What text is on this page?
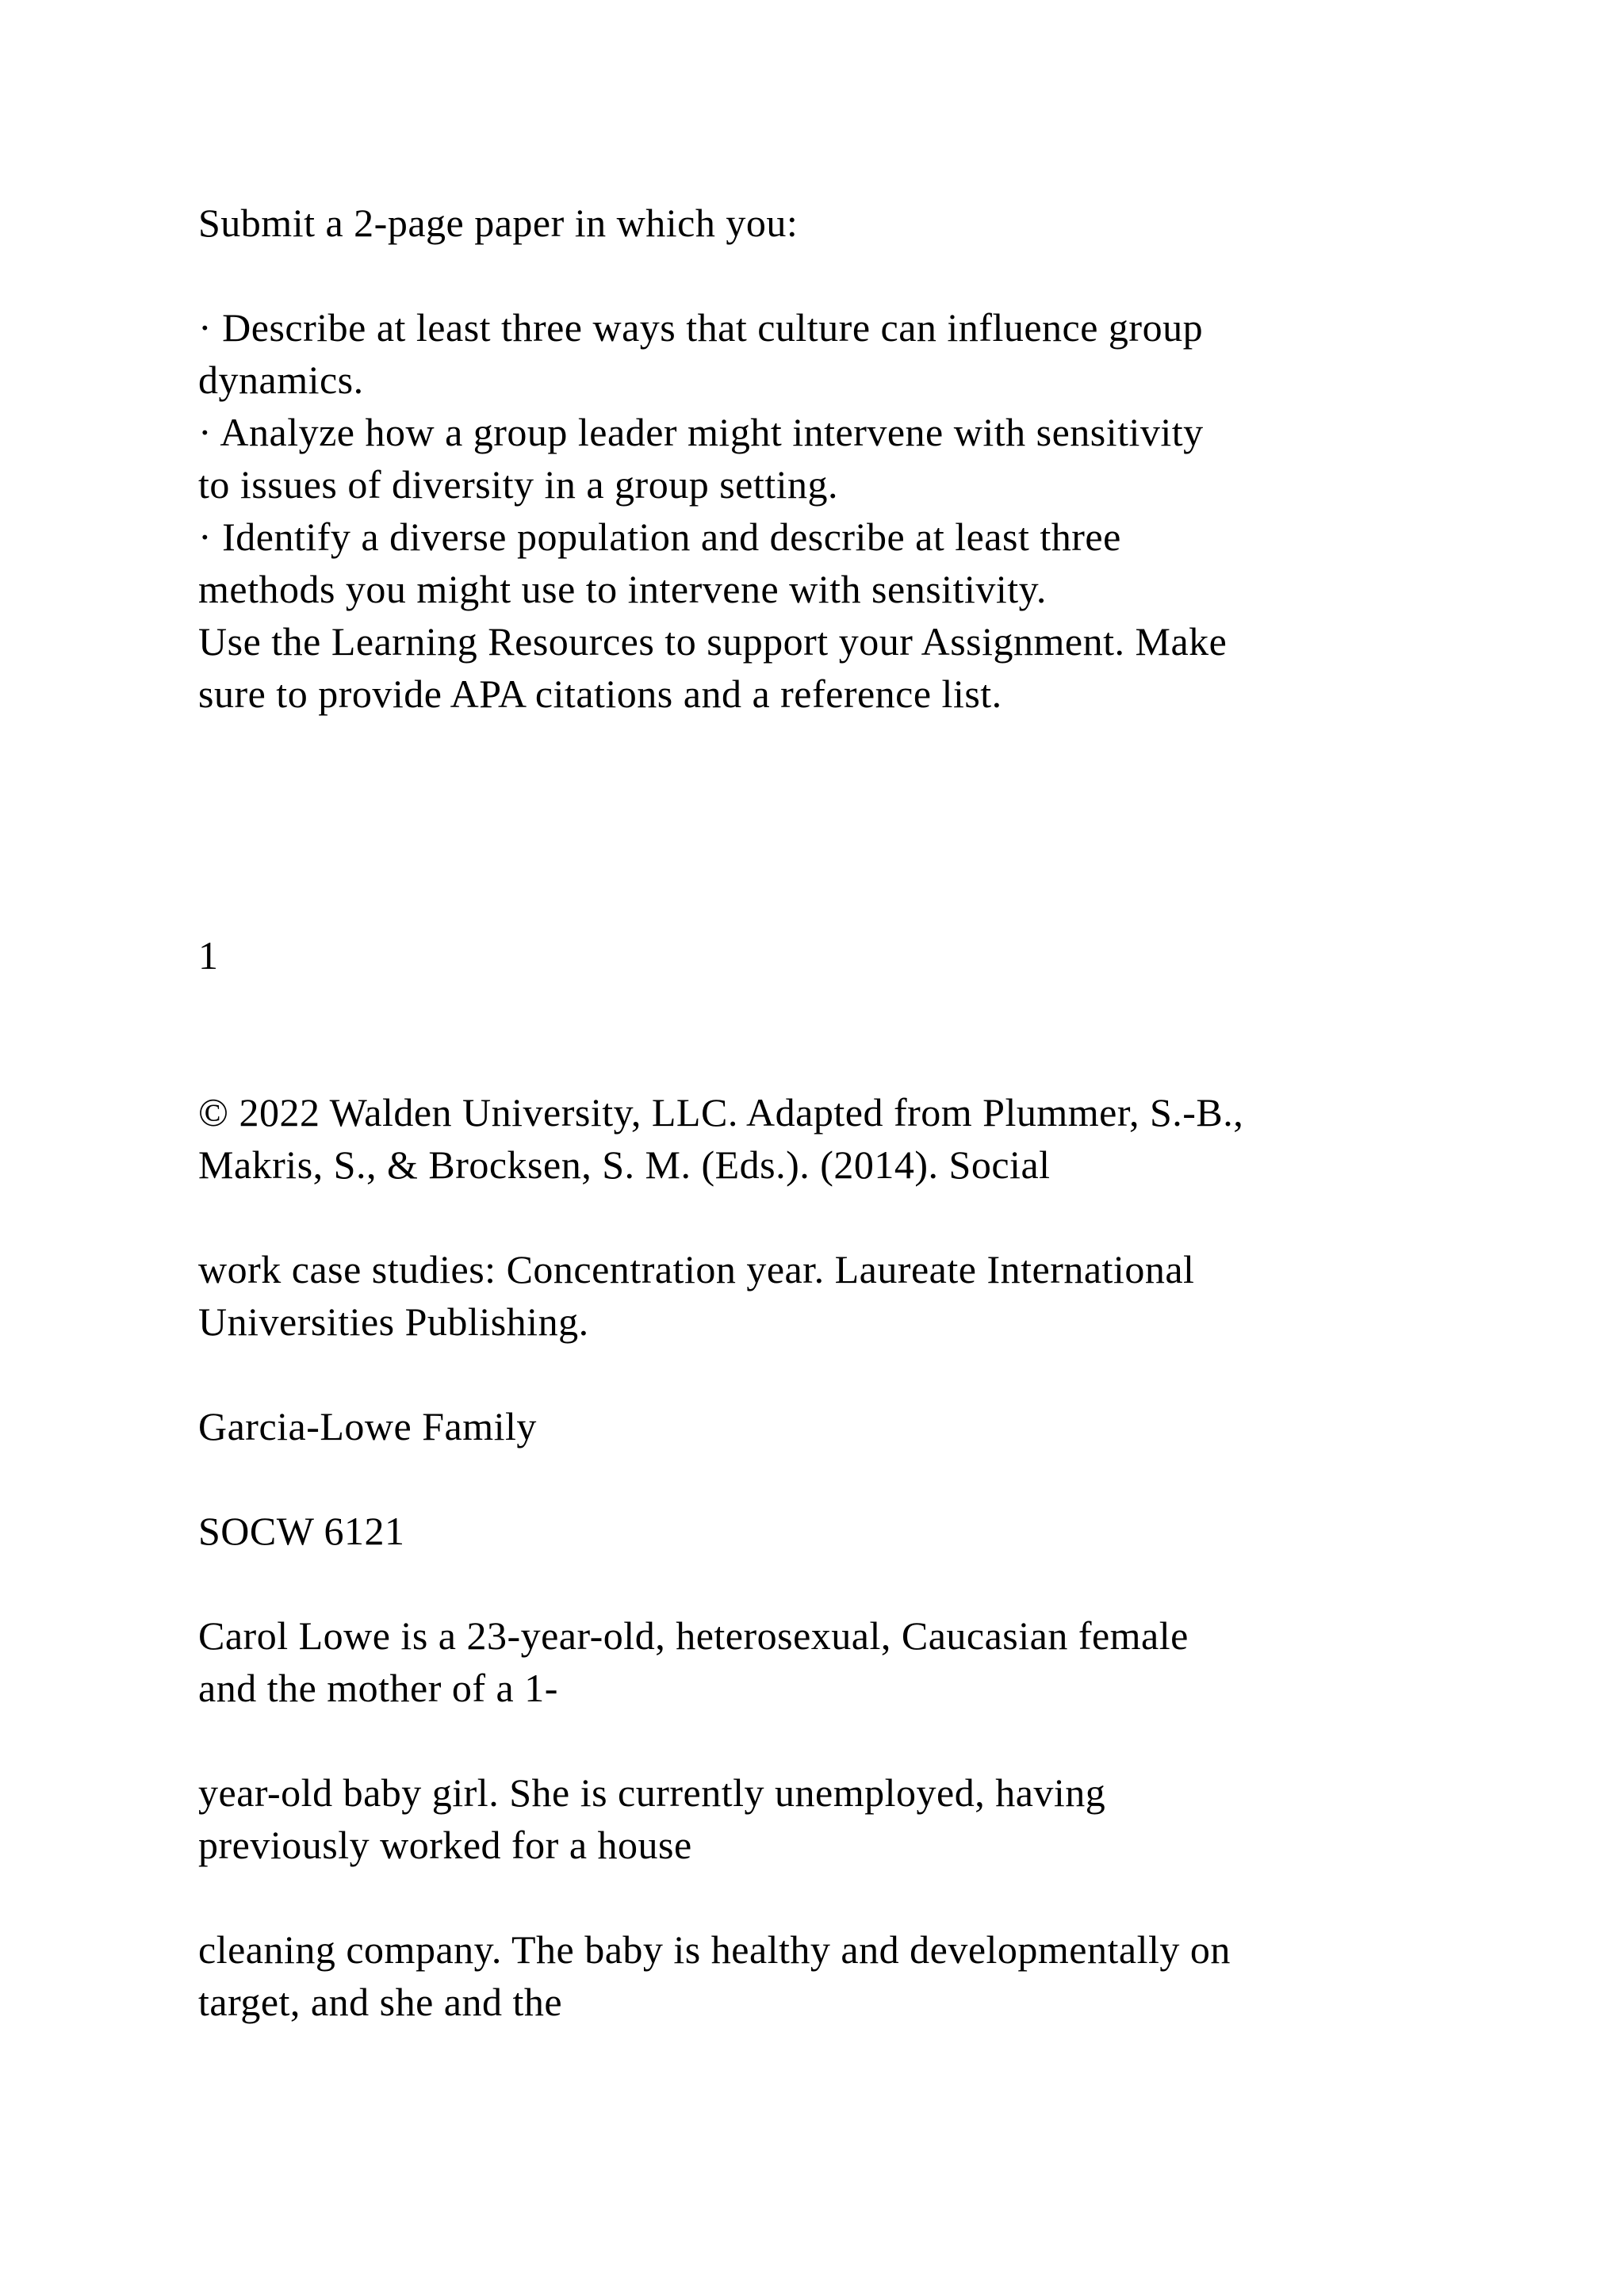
Submit a 2-page paper in which you:

· Describe at least three ways that culture can influence group

dynamics.

· Analyze how a group leader might intervene with sensitivity

to issues of diversity in a group setting.

· Identify a diverse population and describe at least three

methods you might use to intervene with sensitivity.

Use the Learning Resources to support your Assignment. Make

sure to provide APA citations and a reference list.

1

© 2022 Walden University, LLC. Adapted from Plummer, S.-B.,

Makris, S., & Brocksen, S. M. (Eds.). (2014). Social

work case studies: Concentration year. Laureate International

Universities Publishing.

Garcia-Lowe Family

SOCW 6121

Carol Lowe is a 23-year-old, heterosexual, Caucasian female

and the mother of a 1-

year-old baby girl. She is currently unemployed, having

previously worked for a house

cleaning company. The baby is healthy and developmentally on

target, and she and the
